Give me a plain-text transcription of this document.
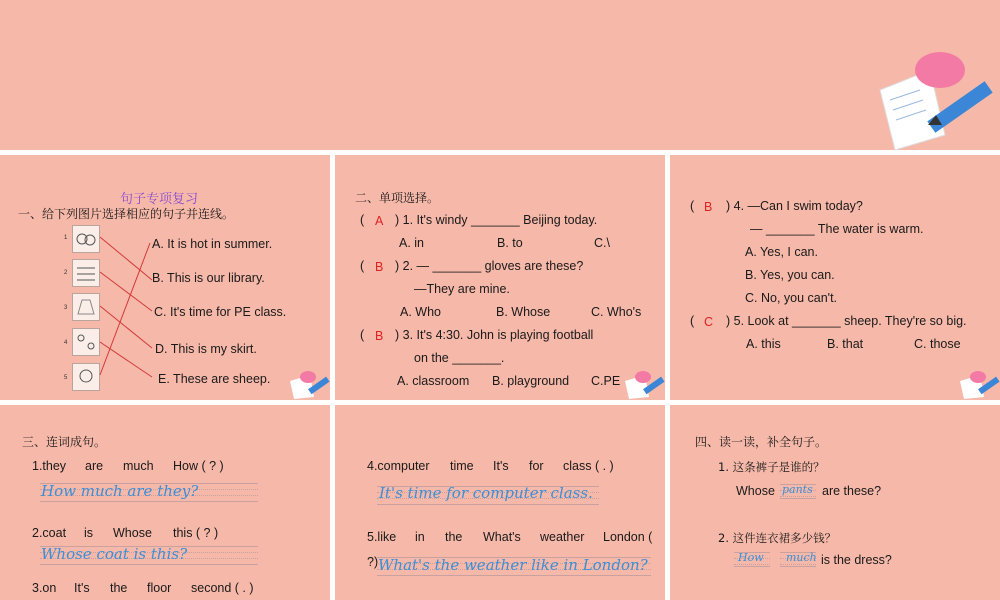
句子专项复习
一、给下列图片选择相应的句子并连线。
1
2
3
4
5
A. It is hot in summer.
B. This is our library.
C. It's time for PE class.
D. This is my skirt.
E. These are sheep.
二、单项选择。
( A ) 1. It's windy _______ Beijing today.
A. in	B. to	C.\
( B ) 2. — _______ gloves are these?
—They are mine.
A. Who	B. Whose	C. Who's
( B ) 3. It's 4:30. John is playing football
on the _______.
A. classroom B. playground C.PE
( B ) 4. —Can I swim today?
— _______ The water is warm.
A. Yes, I can.
B. Yes, you can.
C. No, you can't.
( C ) 5. Look at _______ sheep. They're so big.
A. this	B. that	C. those
三、连词成句。
1.they are much How ( ? )
How much are they?
2.coat is Whose this ( ? )
Whose coat is this?
3.on It's the floor second ( . )
4.computer time It's for class ( . )
It's time for computer class.
5.like in the What's weather London (
?) What's the weather like in London?
四、读一读，补全句子。
1. 这条裤子是谁的？
Whose pants are these?
2. 这件连衣裙多少钱？
How much is the dress?
